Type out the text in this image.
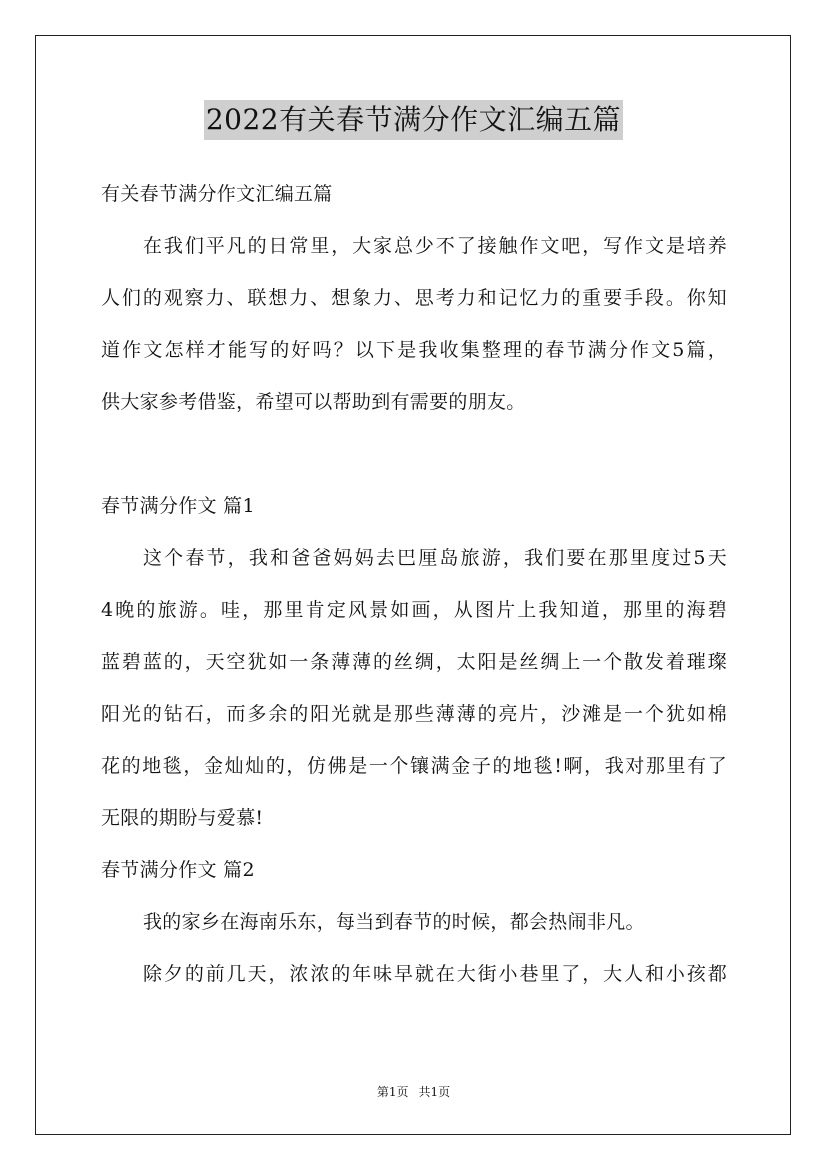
2022有关春节满分作文汇编五篇
有关春节满分作文汇编五篇
在我们平凡的日常里，大家总少不了接触作文吧，写作文是培养
人们的观察力、联想力、想象力、思考力和记忆力的重要手段。你知
道作文怎样才能写的好吗？以下是我收集整理的春节满分作文5篇，
供大家参考借鉴，希望可以帮助到有需要的朋友。
春节满分作文 篇1
这个春节，我和爸爸妈妈去巴厘岛旅游，我们要在那里度过5天
4晚的旅游。哇，那里肯定风景如画，从图片上我知道，那里的海碧
蓝碧蓝的，天空犹如一条薄薄的丝绸，太阳是丝绸上一个散发着璀璨
阳光的钻石，而多余的阳光就是那些薄薄的亮片，沙滩是一个犹如棉
花的地毯，金灿灿的，仿佛是一个镶满金子的地毯!啊，我对那里有了
无限的期盼与爱慕!
春节满分作文 篇2
我的家乡在海南乐东，每当到春节的时候，都会热闹非凡。
除夕的前几天，浓浓的年味早就在大街小巷里了，大人和小孩都
第1页 共1页
